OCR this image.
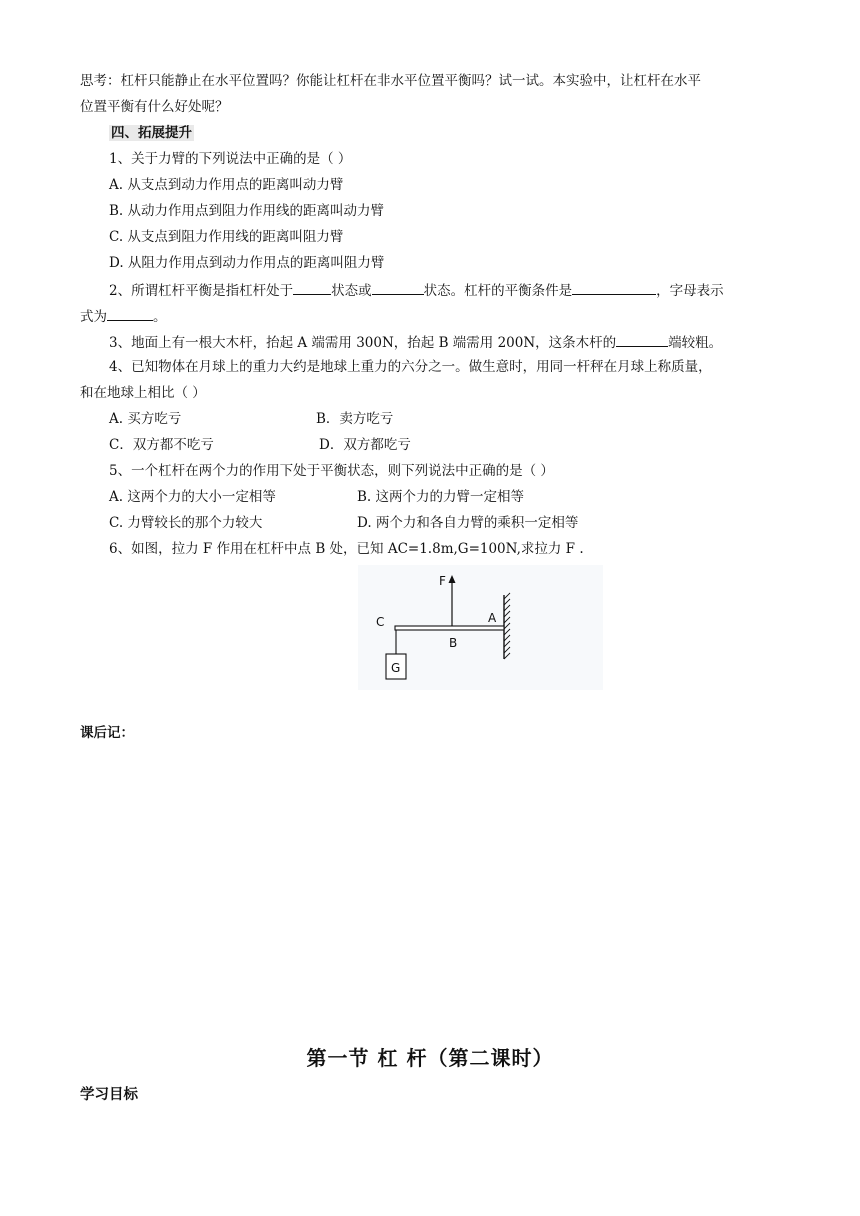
思考：杠杆只能静止在水平位置吗？你能让杠杆在非水平位置平衡吗？试一试。本实验中，让杠杆在水平
位置平衡有什么好处呢？
四、拓展提升
1、关于力臂的下列说法中正确的是（ ）
A. 从支点到动力作用点的距离叫动力臂
B. 从动力作用点到阻力作用线的距离叫动力臂
C. 从支点到阻力作用线的距离叫阻力臂
D. 从阻力作用点到动力作用点的距离叫阻力臂
2、所谓杠杆平衡是指杠杆处于	状态或	状态。杠杆的平衡条件是	，字母表示
式为	。
3、地面上有一根大木杆，抬起 A 端需用 300N，抬起 B 端需用 200N，这条木杆的	端较粗。
4、已知物体在月球上的重力大约是地球上重力的六分之一。做生意时，用同一杆秤在月球上称质量，
和在地球上相比（ ）
A. 买方吃亏	B．卖方吃亏
C．双方都不吃亏	D．双方都吃亏
5、一个杠杆在两个力的作用下处于平衡状态，则下列说法中正确的是（ ）
A. 这两个力的大小一定相等	B. 这两个力的力臂一定相等
C. 力臂较长的那个力较大	D. 两个力和各自力臂的乘积一定相等
6、如图，拉力 F 作用在杠杆中点 B 处，已知 AC=1.8m,G=100N,求拉力 F .
F
A
B
C
G
课后记：
第一节 杠 杆（第二课时）
学习目标
